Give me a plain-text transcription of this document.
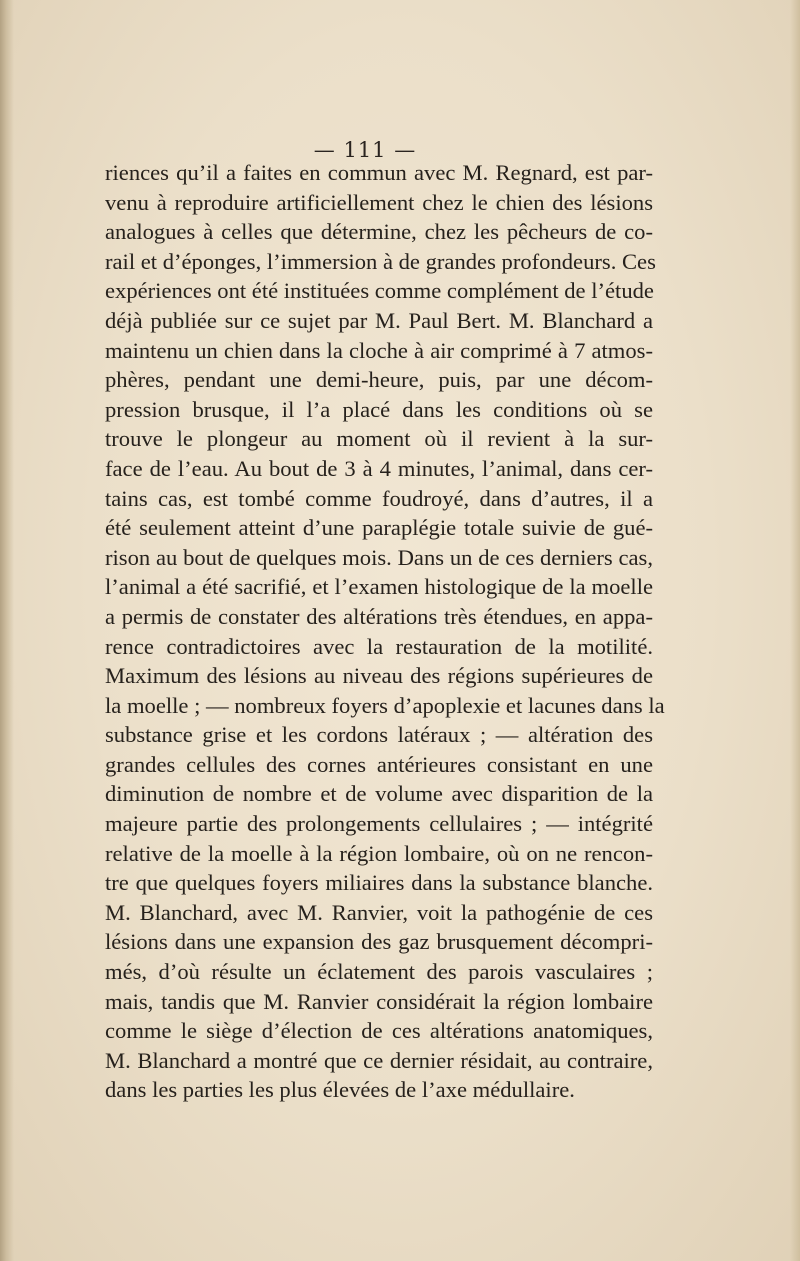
— 111 —
riences qu’il a faites en commun avec M. Regnard, est par-
venu à reproduire artificiellement chez le chien des lésions
analogues à celles que détermine, chez les pêcheurs de co-
rail et d’éponges, l’immersion à de grandes profondeurs. Ces
expériences ont été instituées comme complément de l’étude
déjà publiée sur ce sujet par M. Paul Bert. M. Blanchard a
maintenu un chien dans la cloche à air comprimé à 7 atmos-
phères, pendant une demi-heure, puis, par une décom-
pression brusque, il l’a placé dans les conditions où se
trouve le plongeur au moment où il revient à la sur-
face de l’eau. Au bout de 3 à 4 minutes, l’animal, dans cer-
tains cas, est tombé comme foudroyé, dans d’autres, il a
été seulement atteint d’une paraplégie totale suivie de gué-
rison au bout de quelques mois. Dans un de ces derniers cas,
l’animal a été sacrifié, et l’examen histologique de la moelle
a permis de constater des altérations très étendues, en appa-
rence contradictoires avec la restauration de la motilité.
Maximum des lésions au niveau des régions supérieures de
la moelle ; — nombreux foyers d’apoplexie et lacunes dans la
substance grise et les cordons latéraux ; — altération des
grandes cellules des cornes antérieures consistant en une
diminution de nombre et de volume avec disparition de la
majeure partie des prolongements cellulaires ; — intégrité
relative de la moelle à la région lombaire, où on ne rencon-
tre que quelques foyers miliaires dans la substance blanche.
M. Blanchard, avec M. Ranvier, voit la pathogénie de ces
lésions dans une expansion des gaz brusquement décompri-
més, d’où résulte un éclatement des parois vasculaires ;
mais, tandis que M. Ranvier considérait la région lombaire
comme le siège d’élection de ces altérations anatomiques,
M. Blanchard a montré que ce dernier résidait, au contraire,
dans les parties les plus élevées de l’axe médullaire.
